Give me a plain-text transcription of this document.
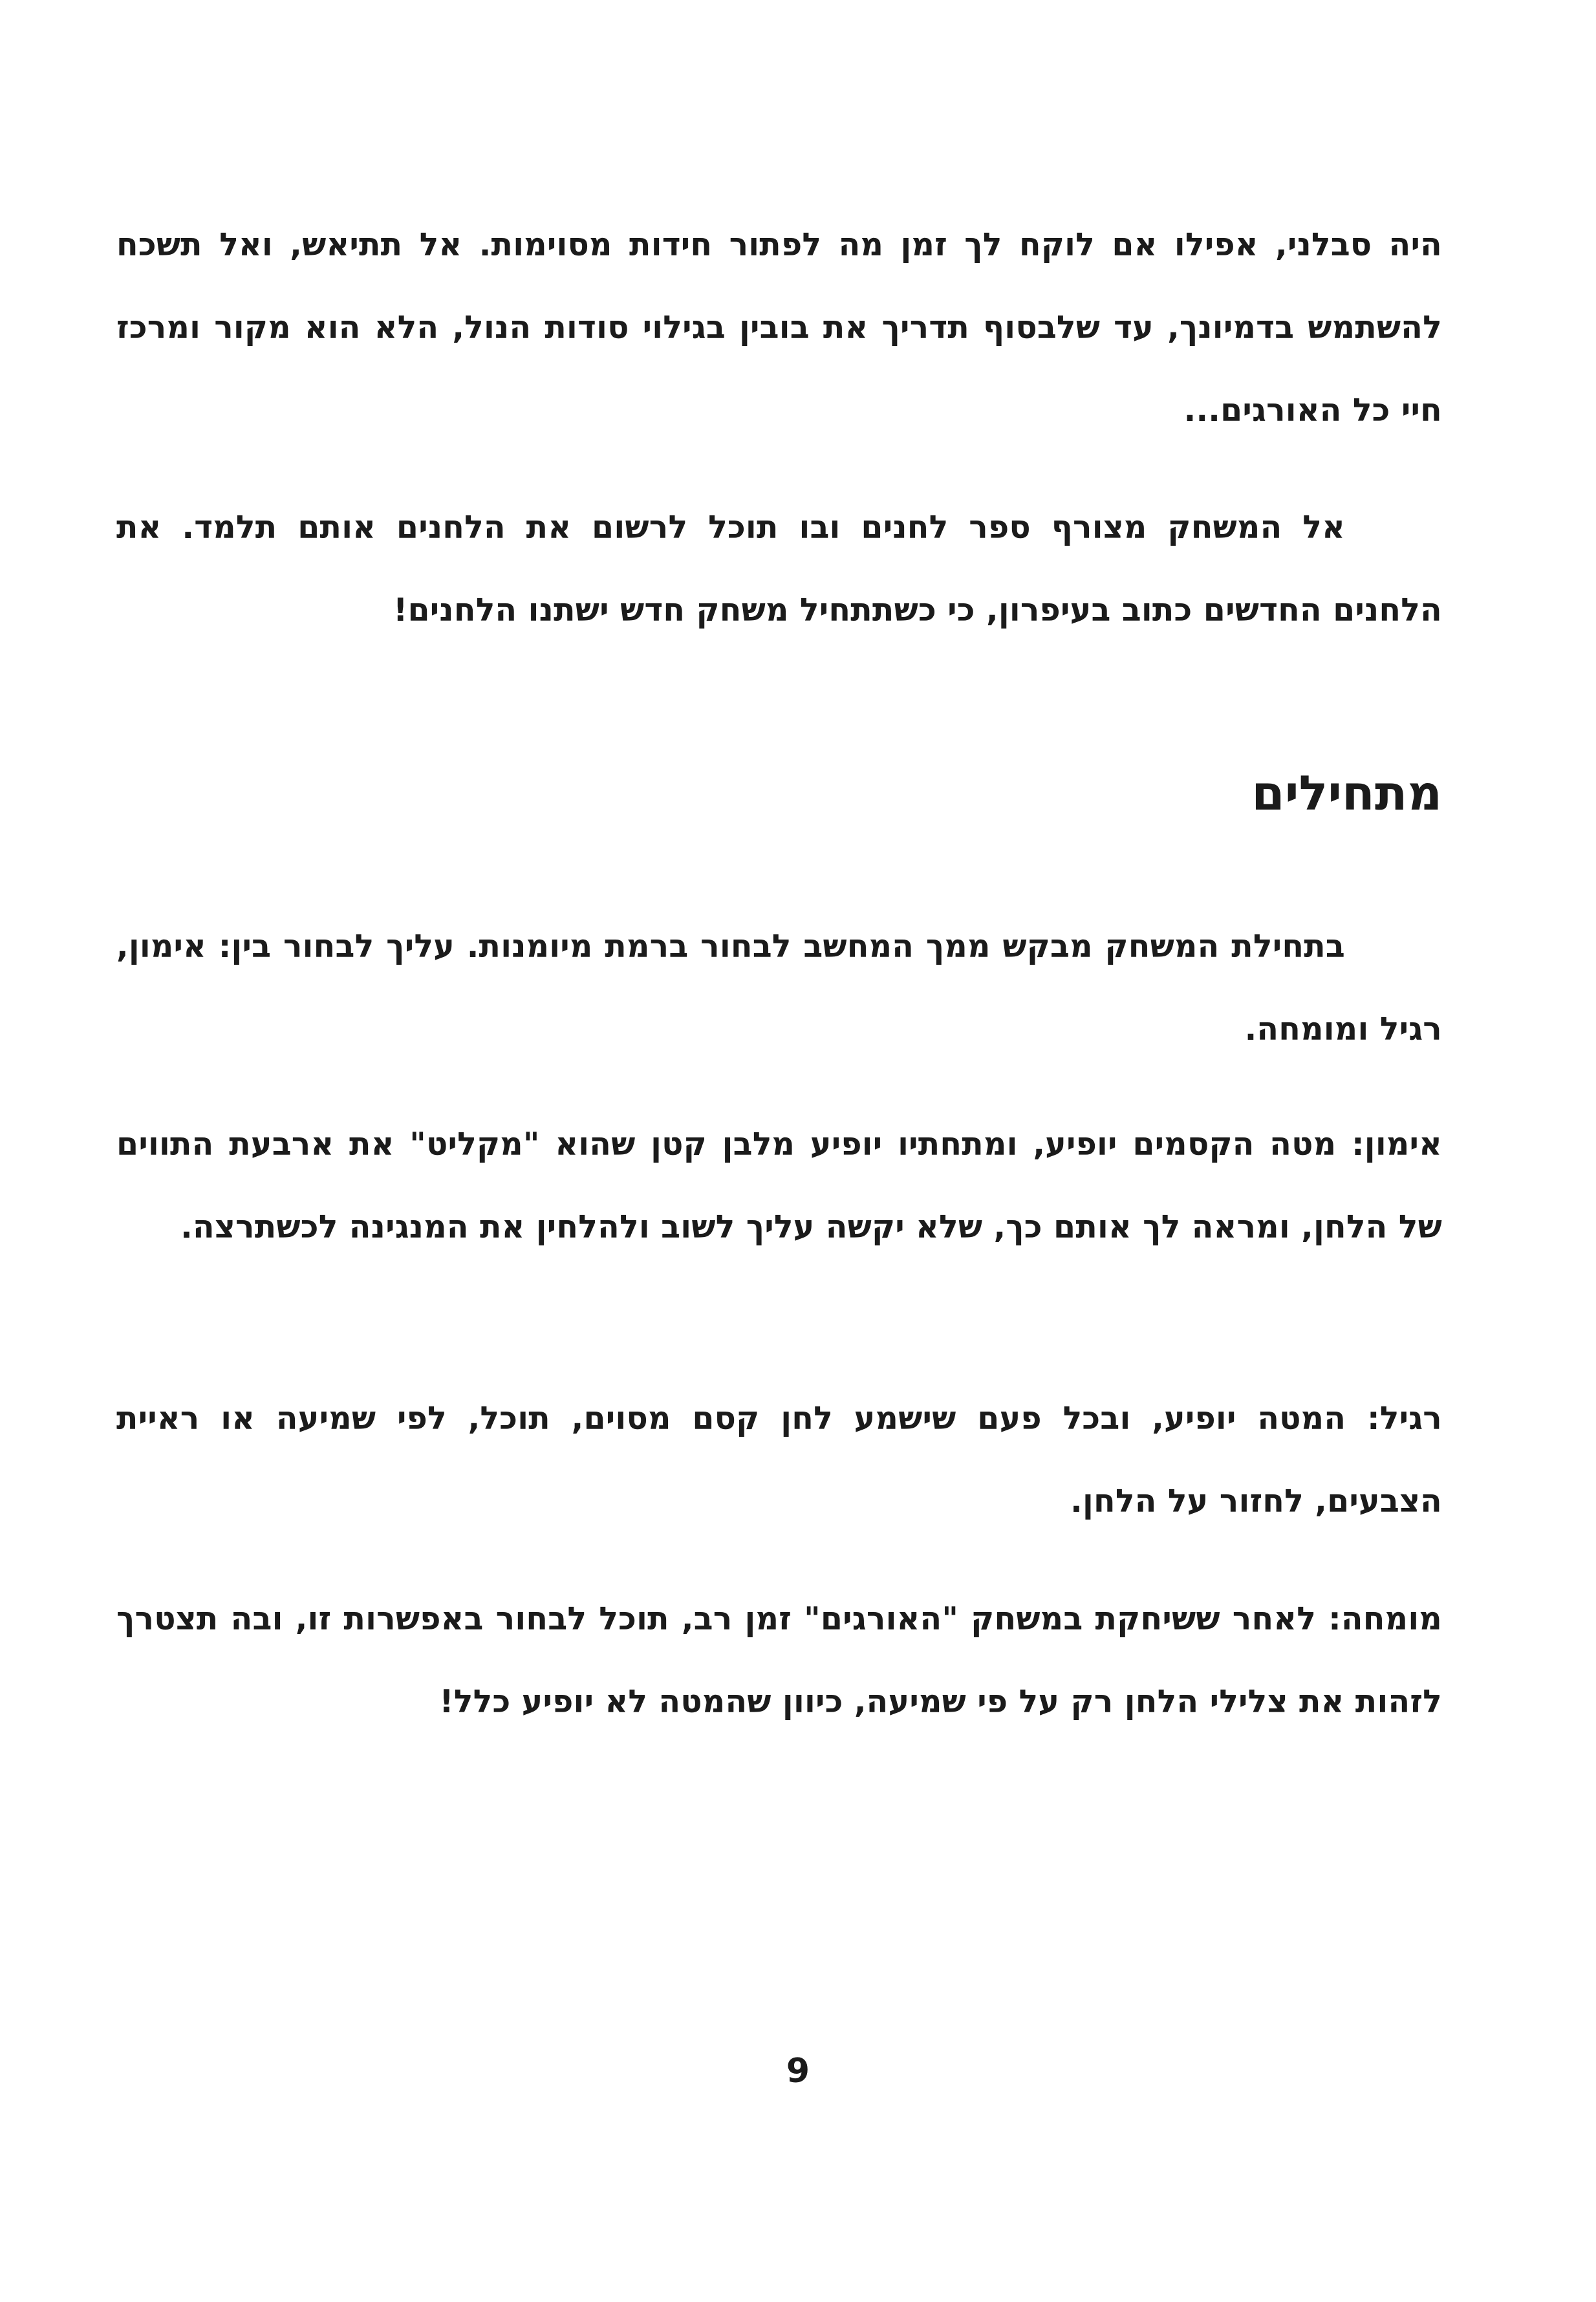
היה סבלני, אפילו אם לוקח לך זמן מה לפתור חידות מסוימות. אל תתיאש, ואל תשכח להשתמש בדמיונך, עד שלבסוף תדריך את בובין בגילוי סודות הנול, הלא הוא מקור ומרכז חיי כל האורגים...

אל המשחק מצורף ספר לחנים ובו תוכל לרשום את הלחנים אותם תלמד. את הלחנים החדשים כתוב בעיפרון, כי כשתתחיל משחק חדש ישתנו הלחנים!

מתחילים

בתחילת המשחק מבקש ממך המחשב לבחור ברמת מיומנות. עליך לבחור בין: אימון, רגיל ומומחה.

אימון: מטה הקסמים יופיע, ומתחתיו יופיע מלבן קטן שהוא "מקליט" את ארבעת התווים של הלחן, ומראה לך אותם כך, שלא יקשה עליך לשוב ולהלחין את המנגינה לכשתרצה.

רגיל: המטה יופיע, ובכל פעם שישמע לחן קסם מסוים, תוכל, לפי שמיעה או ראיית הצבעים, לחזור על הלחן.

מומחה: לאחר ששיחקת במשחק "האורגים" זמן רב, תוכל לבחור באפשרות זו, ובה תצטרך לזהות את צלילי הלחן רק על פי שמיעה, כיוון שהמטה לא יופיע כלל!

9
